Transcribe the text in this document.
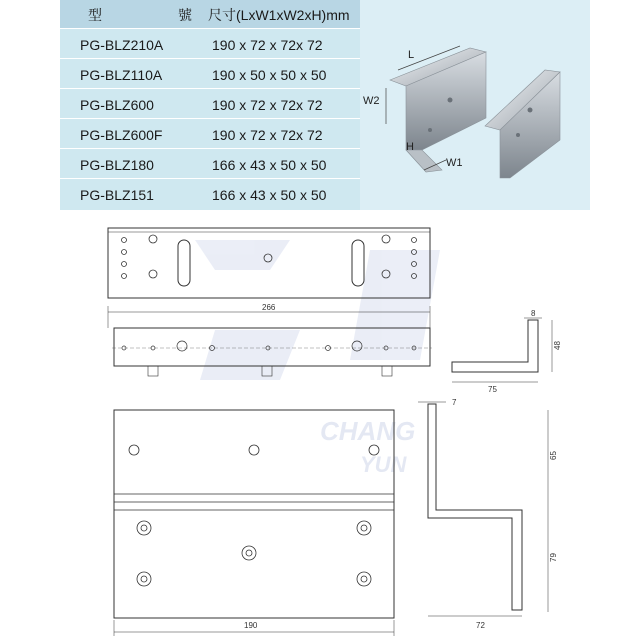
型	號 尺寸(LxW1xW2xH)mm
PG-BLZ210A	190 x 72 x 72x 72
PG-BLZ110A	190 x 50 x 50 x 50
PG-BLZ600	190 x 72 x 72x 72
PG-BLZ600F	190 x 72 x 72x 72
PG-BLZ180	166 x 43 x 50 x 50
PG-BLZ151	166 x 43 x 50 x 50
L
W2
H
W1
CHANG
YUN
266
8
48
75
190
7
65
79
72
